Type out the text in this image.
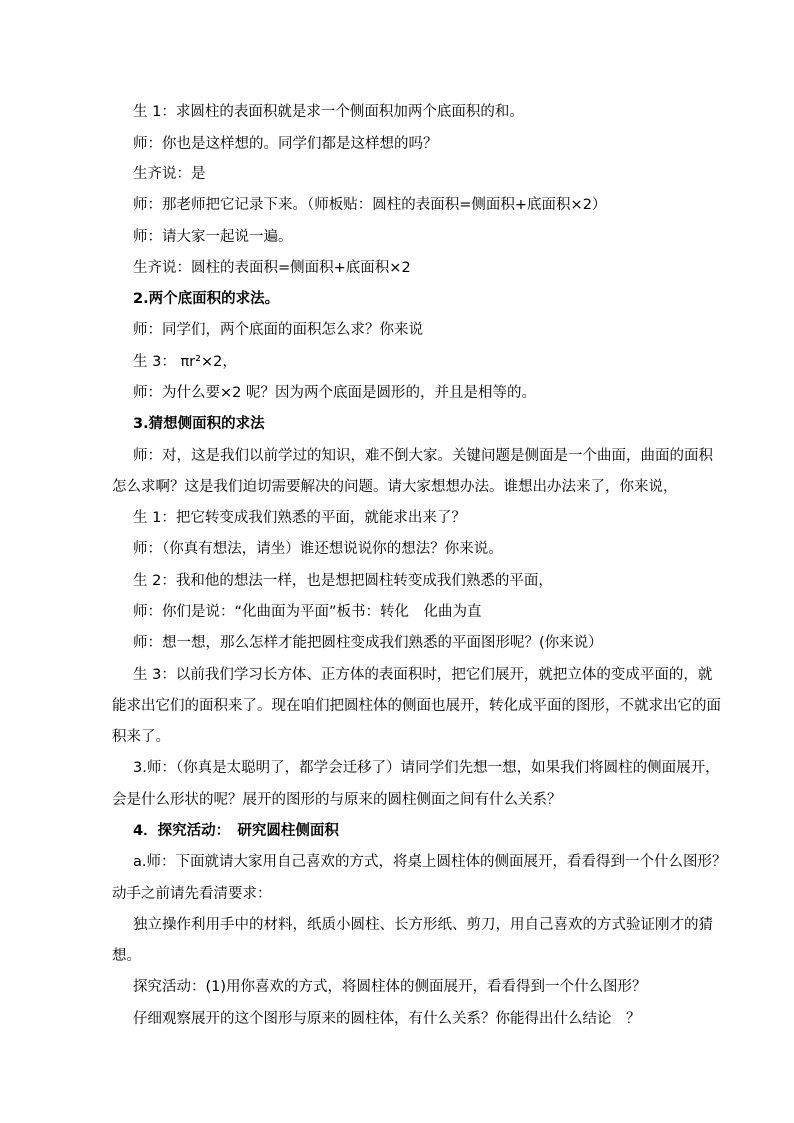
生 1：求圆柱的表面积就是求一个侧面积加两个底面积的和。
师：你也是这样想的。同学们都是这样想的吗？
生齐说：是
师：那老师把它记录下来。（师板贴：圆柱的表面积=侧面积+底面积×2）
师：请大家一起说一遍。
生齐说：圆柱的表面积=侧面积+底面积×2
2.两个底面积的求法。
师：同学们，两个底面的面积怎么求？你来说
生 3： πr²×2，
师：为什么要×2 呢？因为两个底面是圆形的，并且是相等的。
3.猜想侧面积的求法
师：对，这是我们以前学过的知识，难不倒大家。关键问题是侧面是一个曲面，曲面的面积
怎么求啊？这是我们迫切需要解决的问题。请大家想想办法。谁想出办法来了，你来说，
生 1：把它转变成我们熟悉的平面，就能求出来了？
师：（你真有想法，请坐）谁还想说说你的想法？你来说。
生 2：我和他的想法一样，也是想把圆柱转变成我们熟悉的平面，
师：你们是说：“化曲面为平面”板书：转化　化曲为直
师：想一想，那么怎样才能把圆柱变成我们熟悉的平面图形呢？(你来说）
生 3：以前我们学习长方体、正方体的表面积时，把它们展开，就把立体的变成平面的，就
能求出它们的面积来了。现在咱们把圆柱体的侧面也展开，转化成平面的图形，不就求出它的面
积来了。
3.师：（你真是太聪明了，都学会迁移了）请同学们先想一想，如果我们将圆柱的侧面展开，
会是什么形状的呢？展开的图形的与原来的圆柱侧面之间有什么关系？
4．探究活动：　研究圆柱侧面积
a.师：下面就请大家用自己喜欢的方式，将桌上圆柱体的侧面展开，看看得到一个什么图形？
动手之前请先看清要求：
独立操作利用手中的材料，纸质小圆柱、长方形纸、剪刀，用自己喜欢的方式验证刚才的猜
想。
探究活动：(1)用你喜欢的方式，将圆柱体的侧面展开，看看得到一个什么图形？
仔细观察展开的这个图形与原来的圆柱体，有什么关系？你能得出什么结论　？
